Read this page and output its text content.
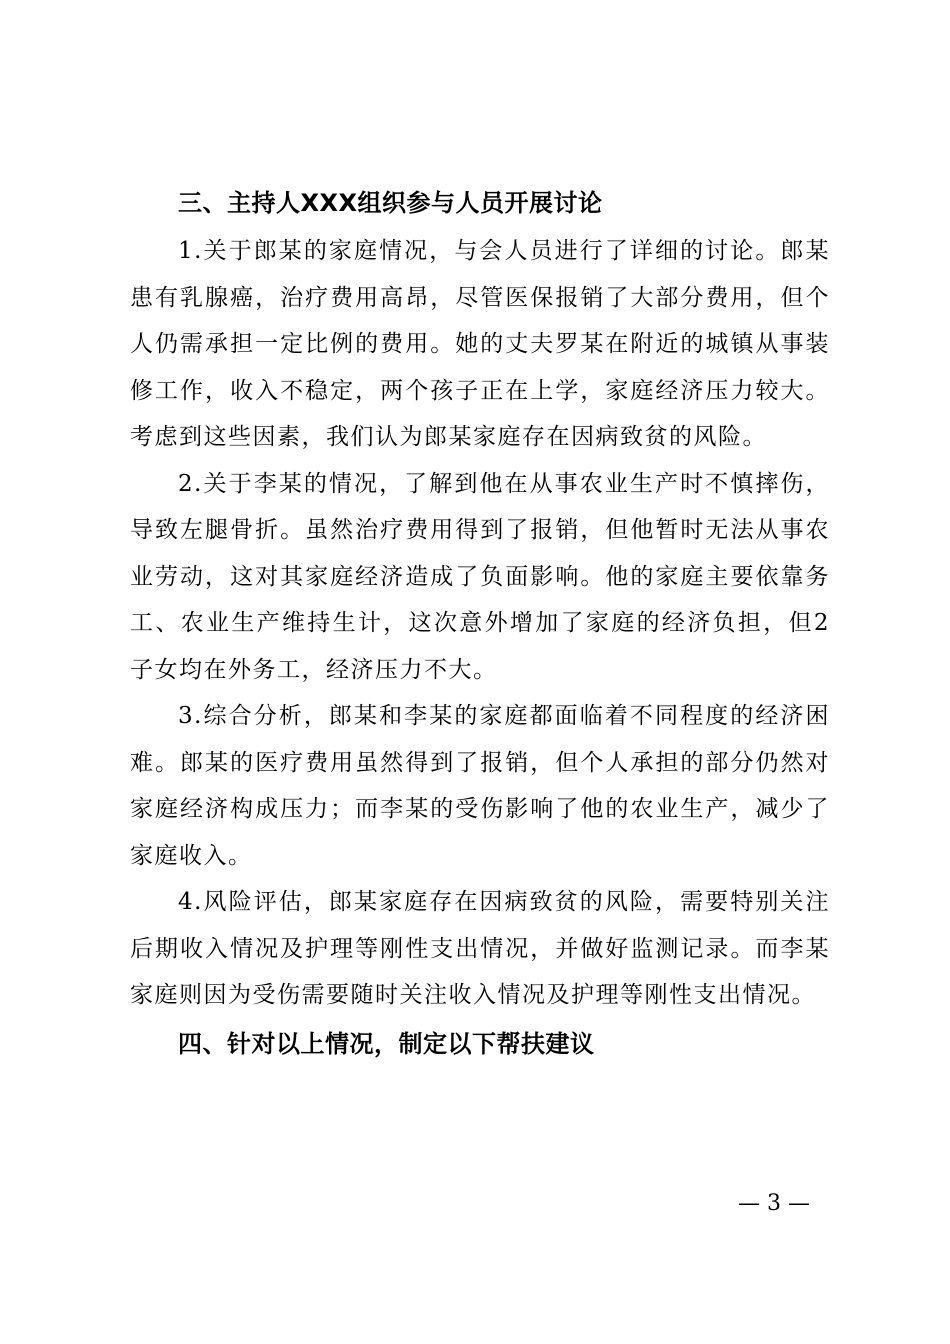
三、主持人XXX组织参与人员开展讨论

1.关于郎某的家庭情况，与会人员进行了详细的讨论。郎某患有乳腺癌，治疗费用高昂，尽管医保报销了大部分费用，但个人仍需承担一定比例的费用。她的丈夫罗某在附近的城镇从事装修工作，收入不稳定，两个孩子正在上学，家庭经济压力较大。考虑到这些因素，我们认为郎某家庭存在因病致贫的风险。

2.关于李某的情况，了解到他在从事农业生产时不慎摔伤，导致左腿骨折。虽然治疗费用得到了报销，但他暂时无法从事农业劳动，这对其家庭经济造成了负面影响。他的家庭主要依靠务工、农业生产维持生计，这次意外增加了家庭的经济负担，但2子女均在外务工，经济压力不大。

3.综合分析，郎某和李某的家庭都面临着不同程度的经济困难。郎某的医疗费用虽然得到了报销，但个人承担的部分仍然对家庭经济构成压力；而李某的受伤影响了他的农业生产，减少了家庭收入。

4.风险评估，郎某家庭存在因病致贫的风险，需要特别关注后期收入情况及护理等刚性支出情况，并做好监测记录。而李某家庭则因为受伤需要随时关注收入情况及护理等刚性支出情况。

四、针对以上情况，制定以下帮扶建议
— 3 —
